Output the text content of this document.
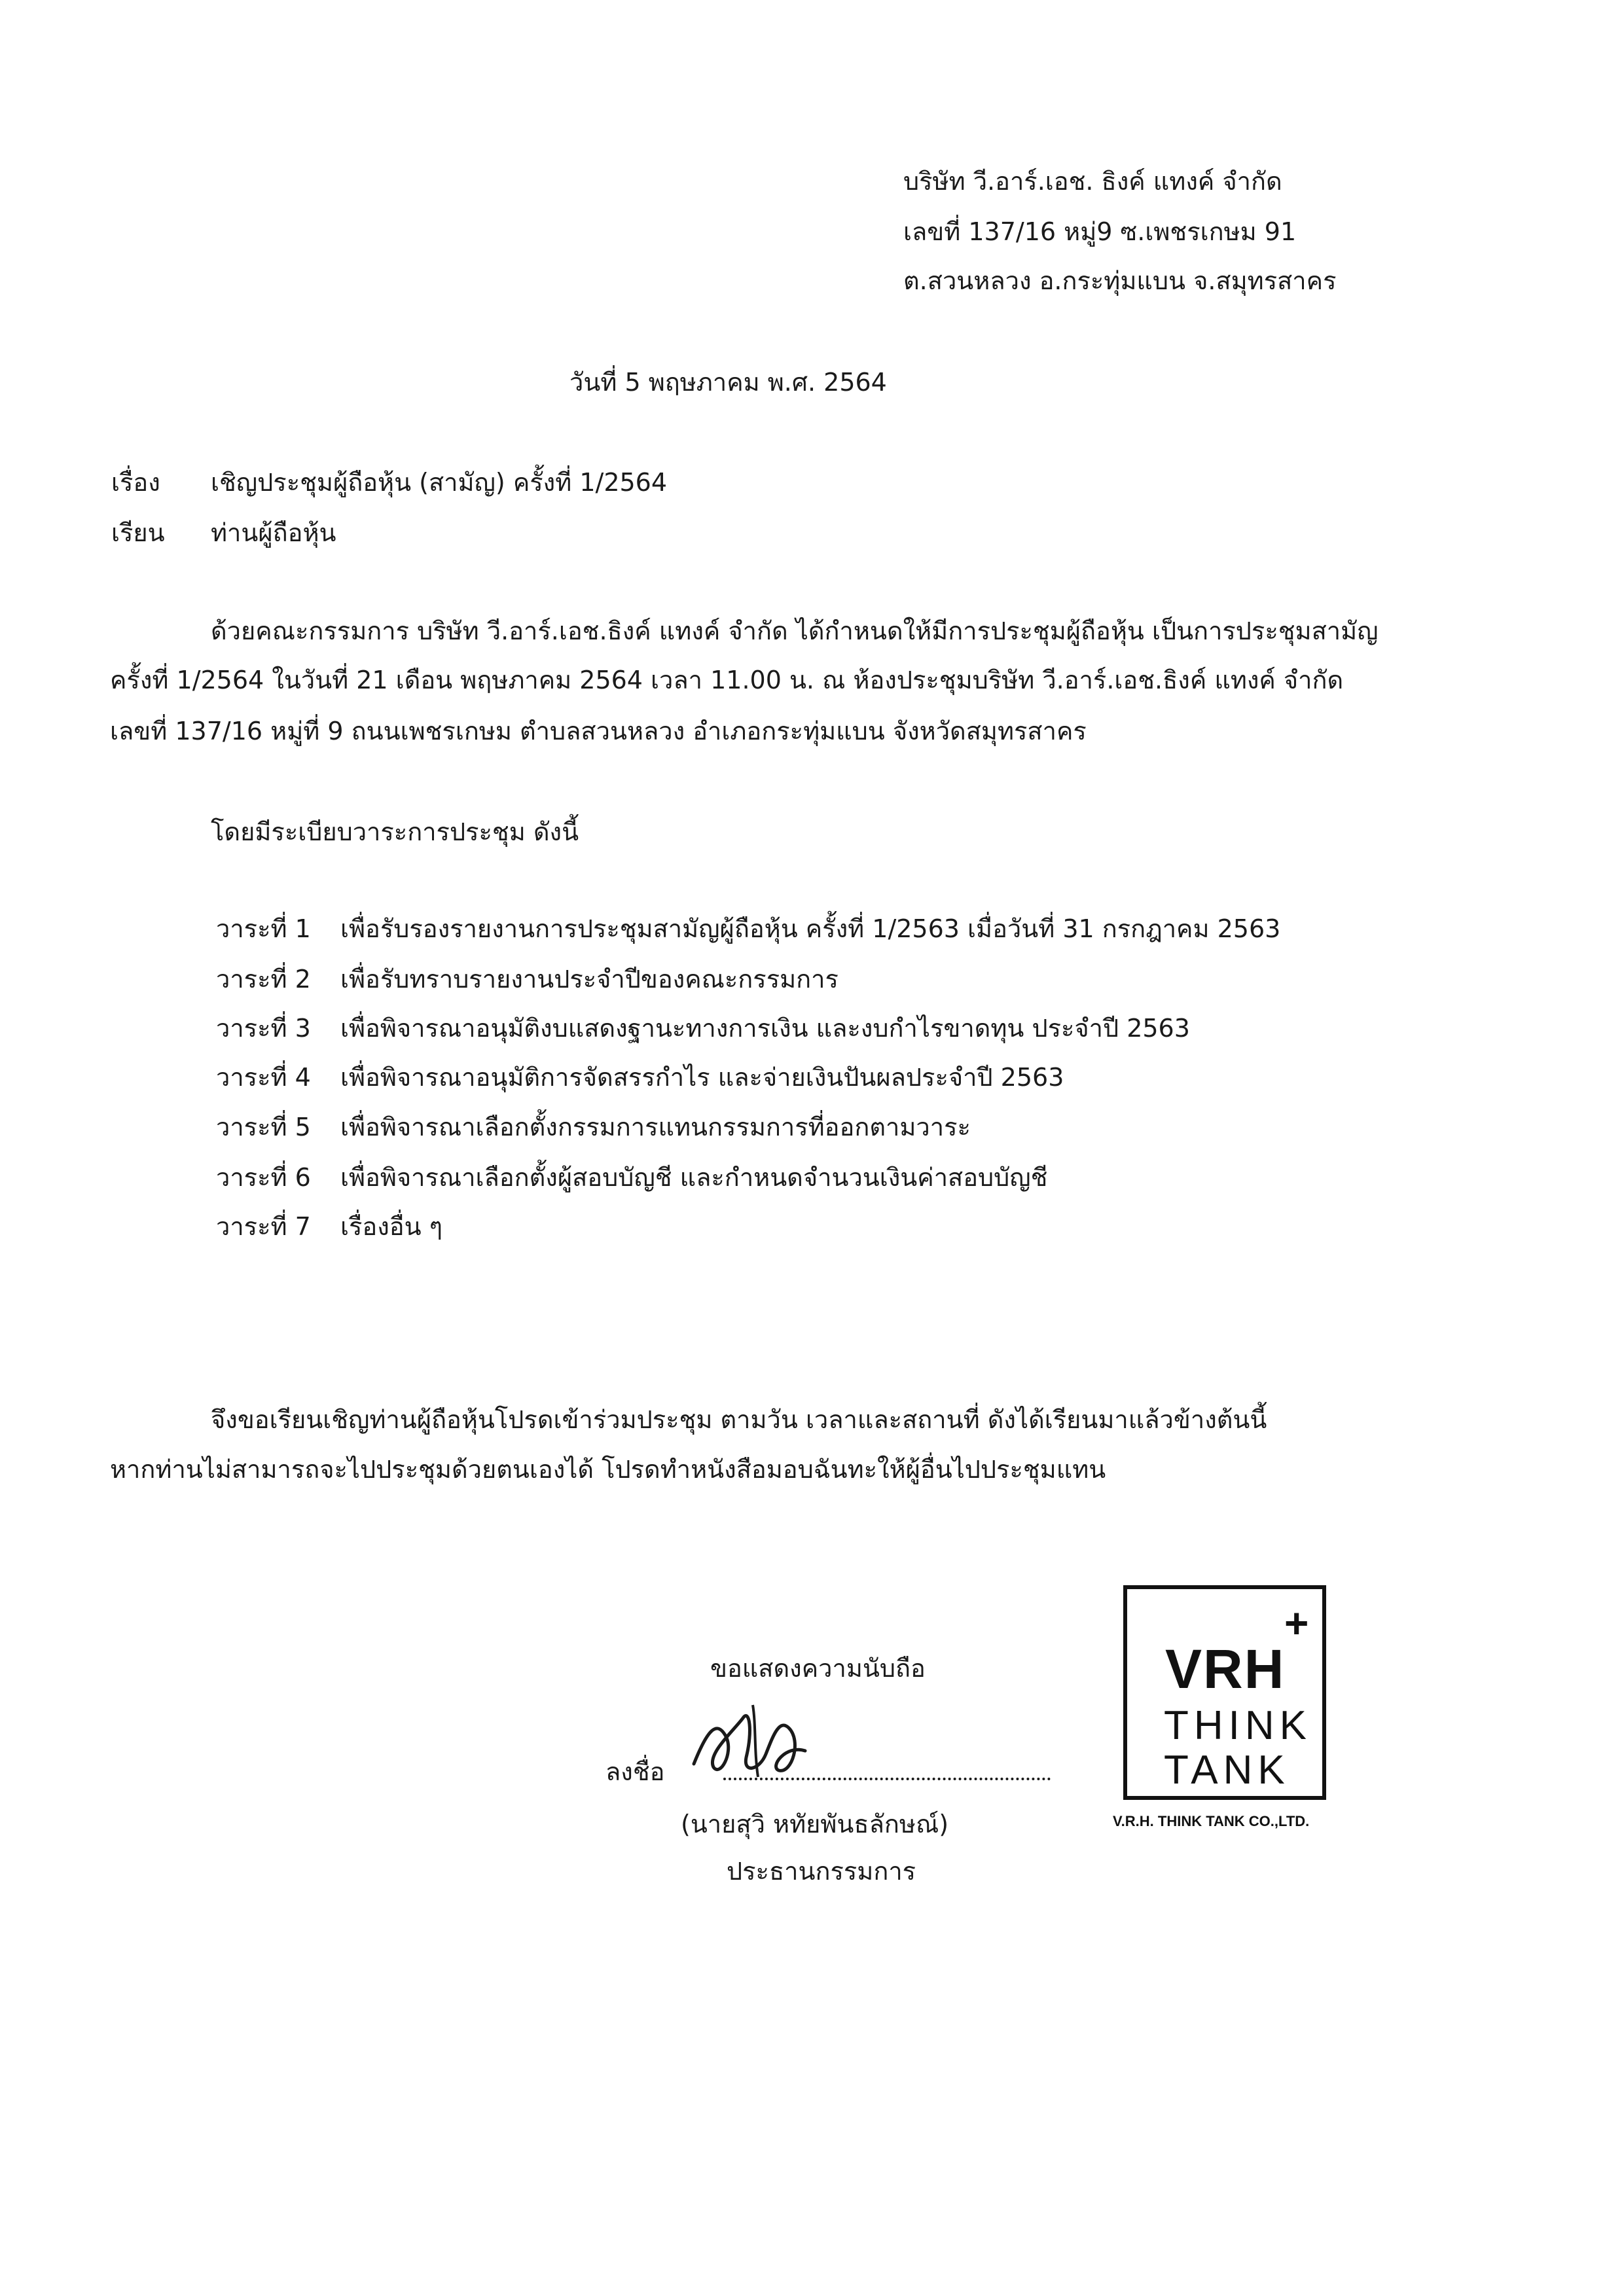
บริษัท วี.อาร์.เอช. ธิงค์ แทงค์ จำกัด
เลขที่ 137/16 หมู่9 ซ.เพชรเกษม 91
ต.สวนหลวง อ.กระทุ่มแบน จ.สมุทรสาคร
วันที่ 5 พฤษภาคม พ.ศ. 2564
เรื่อง เชิญประชุมผู้ถือหุ้น (สามัญ) ครั้งที่ 1/2564
เรียน ท่านผู้ถือหุ้น
ด้วยคณะกรรมการ บริษัท วี.อาร์.เอช.ธิงค์ แทงค์ จำกัด ได้กำหนดให้มีการประชุมผู้ถือหุ้น เป็นการประชุมสามัญ
ครั้งที่ 1/2564 ในวันที่ 21 เดือน พฤษภาคม 2564 เวลา 11.00 น. ณ ห้องประชุมบริษัท วี.อาร์.เอช.ธิงค์ แทงค์ จำกัด
เลขที่ 137/16 หมู่ที่ 9 ถนนเพชรเกษม ตำบลสวนหลวง อำเภอกระทุ่มแบน จังหวัดสมุทรสาคร
โดยมีระเบียบวาระการประชุม ดังนี้
วาระที่ 1 เพื่อรับรองรายงานการประชุมสามัญผู้ถือหุ้น ครั้งที่ 1/2563 เมื่อวันที่ 31 กรกฎาคม 2563
วาระที่ 2 เพื่อรับทราบรายงานประจำปีของคณะกรรมการ
วาระที่ 3 เพื่อพิจารณาอนุมัติงบแสดงฐานะทางการเงิน และงบกำไรขาดทุน ประจำปี 2563
วาระที่ 4 เพื่อพิจารณาอนุมัติการจัดสรรกำไร และจ่ายเงินปันผลประจำปี 2563
วาระที่ 5 เพื่อพิจารณาเลือกตั้งกรรมการแทนกรรมการที่ออกตามวาระ
วาระที่ 6 เพื่อพิจารณาเลือกตั้งผู้สอบบัญชี และกำหนดจำนวนเงินค่าสอบบัญชี
วาระที่ 7 เรื่องอื่น ๆ
จึงขอเรียนเชิญท่านผู้ถือหุ้นโปรดเข้าร่วมประชุม ตามวัน เวลาและสถานที่ ดังได้เรียนมาแล้วข้างต้นนี้
หากท่านไม่สามารถจะไปประชุมด้วยตนเองได้ โปรดทำหนังสือมอบฉันทะให้ผู้อื่นไปประชุมแทน
ขอแสดงความนับถือ
ลงชื่อ
(นายสุวิ หทัยพันธลักษณ์)
ประธานกรรมการ
VRH
+
THINK
TANK
V.R.H. THINK TANK CO.,LTD.
